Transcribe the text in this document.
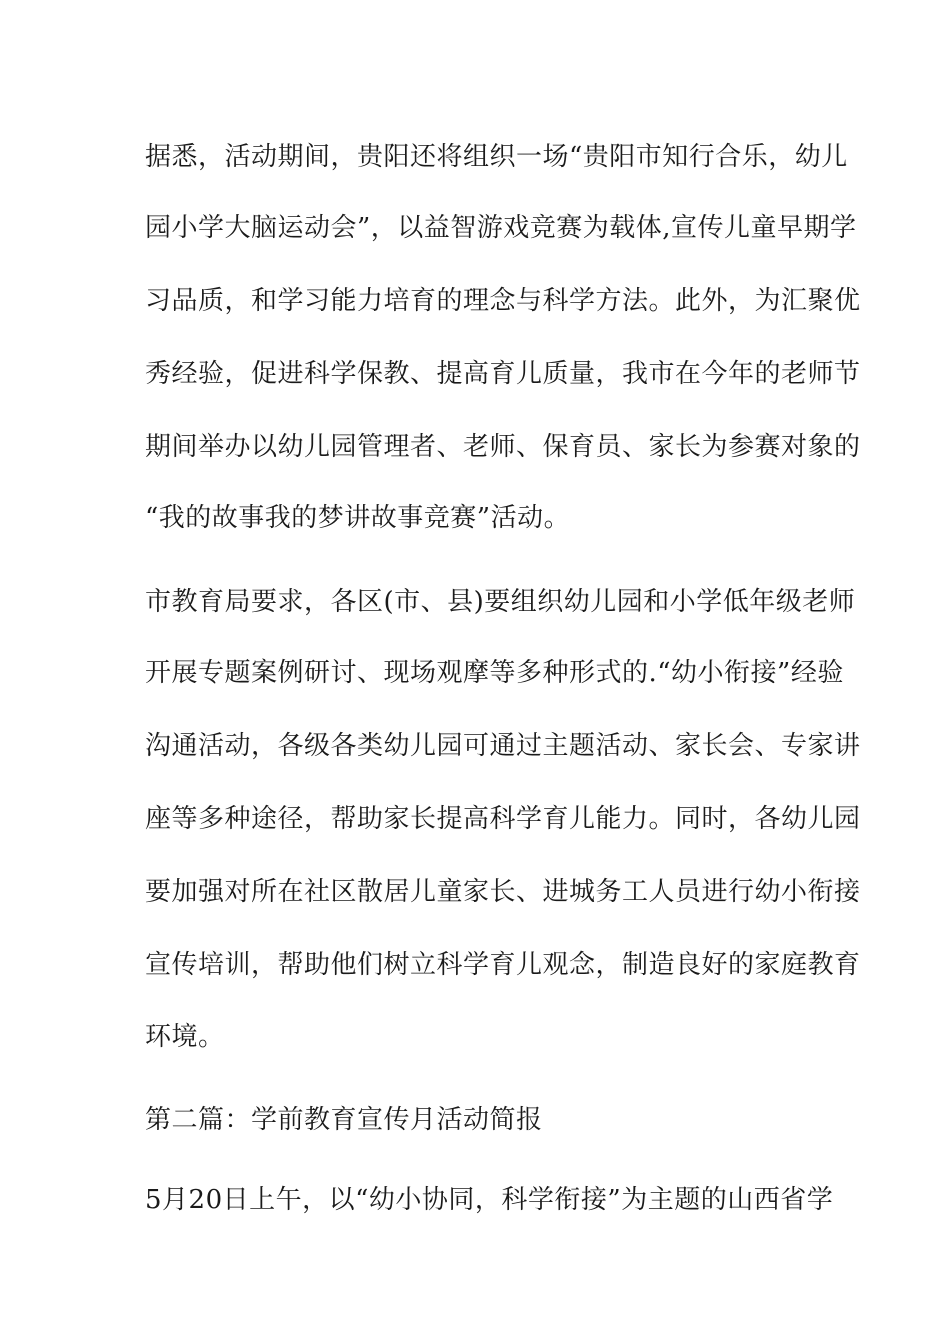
据悉，活动期间，贵阳还将组织一场“贵阳市知行合乐，幼儿
园小学大脑运动会”，以益智游戏竞赛为载体,宣传儿童早期学
习品质，和学习能力培育的理念与科学方法。此外，为汇聚优
秀经验，促进科学保教、提高育儿质量，我市在今年的老师节
期间举办以幼儿园管理者、老师、保育员、家长为参赛对象的
“我的故事我的梦讲故事竞赛”活动。
市教育局要求，各区(市、县)要组织幼儿园和小学低年级老师
开展专题案例研讨、现场观摩等多种形式的.“幼小衔接”经验
沟通活动，各级各类幼儿园可通过主题活动、家长会、专家讲
座等多种途径，帮助家长提高科学育儿能力。同时，各幼儿园
要加强对所在社区散居儿童家长、进城务工人员进行幼小衔接
宣传培训，帮助他们树立科学育儿观念，制造良好的家庭教育
环境。
第二篇：学前教育宣传月活动简报
5月20日上午，以“幼小协同，科学衔接”为主题的山西省学
